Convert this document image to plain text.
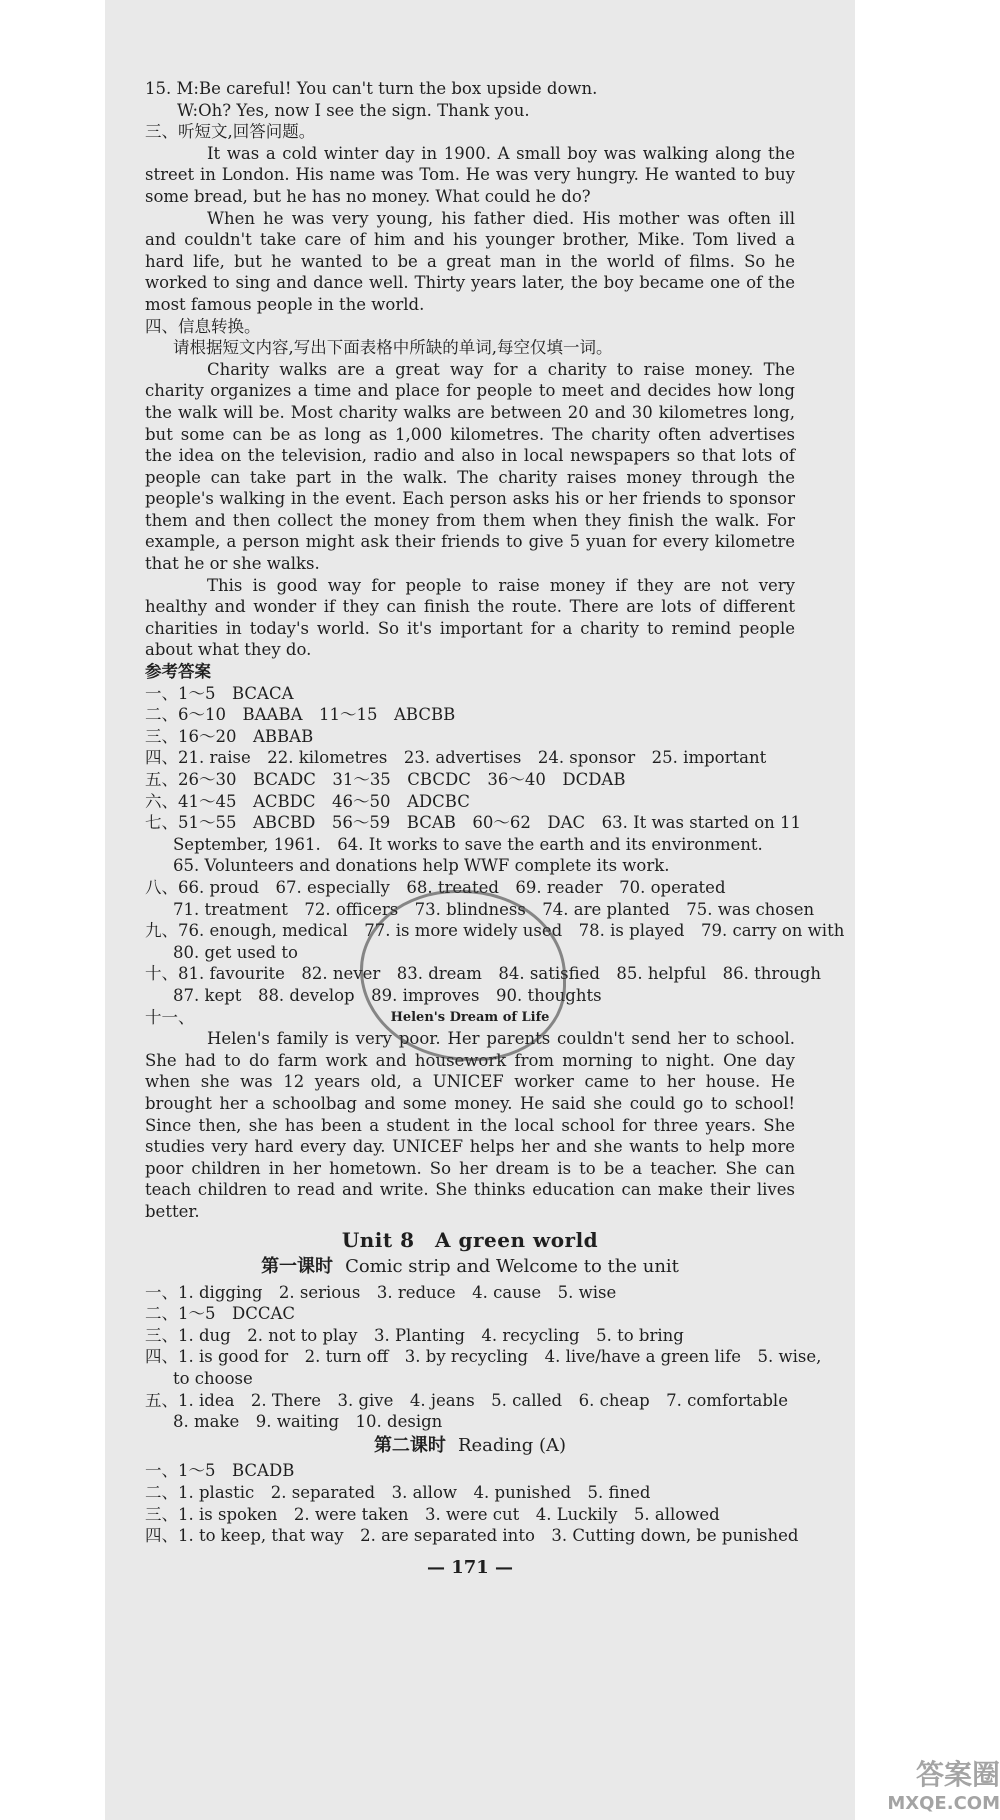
15. M:Be careful! You can't turn the box upside down.
W:Oh? Yes, now I see the sign. Thank you.
三、听短文,回答问题。
It was a cold winter day in 1900. A small boy was walking along the street in London. His name was Tom. He was very hungry. He wanted to buy some bread, but he has no money. What could he do?
When he was very young, his father died. His mother was often ill and couldn't take care of him and his younger brother, Mike. Tom lived a hard life, but he wanted to be a great man in the world of films. So he worked to sing and dance well. Thirty years later, the boy became one of the most famous people in the world.
四、信息转换。
请根据短文内容,写出下面表格中所缺的单词,每空仅填一词。
Charity walks are a great way for a charity to raise money. The charity organizes a time and place for people to meet and decides how long the walk will be. Most charity walks are between 20 and 30 kilometres long, but some can be as long as 1,000 kilometres. The charity often advertises the idea on the television, radio and also in local newspapers so that lots of people can take part in the walk. The charity raises money through the people's walking in the event. Each person asks his or her friends to sponsor them and then collect the money from them when they finish the walk. For example, a person might ask their friends to give 5 yuan for every kilometre that he or she walks.
This is good way for people to raise money if they are not very healthy and wonder if they can finish the route. There are lots of different charities in today's world. So it's important for a charity to remind people about what they do.
参考答案
一、1～5　BCACA
二、6～10　BAABA　11～15　ABCBB
三、16～20　ABBAB
四、21. raise　22. kilometres　23. advertises　24. sponsor　25. important
五、26～30　BCADC　31～35　CBCDC　36～40　DCDAB
六、41～45　ACBDC　46～50　ADCBC
七、51～55　ABCBD　56～59　BCAB　60～62　DAC　63. It was started on 11
September, 1961.　64. It works to save the earth and its environment.
65. Volunteers and donations help WWF complete its work.
八、66. proud　67. especially　68. treated　69. reader　70. operated
71. treatment　72. officers　73. blindness　74. are planted　75. was chosen
九、76. enough, medical　77. is more widely used　78. is played　79. carry on with
80. get used to
十、81. favourite　82. never　83. dream　84. satisfied　85. helpful　86. through
87. kept　88. develop　89. improves　90. thoughts
十一、	Helen's Dream of Life
Helen's family is very poor. Her parents couldn't send her to school. She had to do farm work and housework from morning to night. One day when she was 12 years old, a UNICEF worker came to her house. He brought her a schoolbag and some money. He said she could go to school! Since then, she has been a student in the local school for three years. She studies very hard every day. UNICEF helps her and she wants to help more poor children in her hometown. So her dream is to be a teacher. She can teach children to read and write. She thinks education can make their lives better.
Unit 8　A green world
第一课时 Comic strip and Welcome to the unit
一、1. digging　2. serious　3. reduce　4. cause　5. wise
二、1～5　DCCAC
三、1. dug　2. not to play　3. Planting　4. recycling　5. to bring
四、1. is good for　2. turn off　3. by recycling　4. live/have a green life　5. wise,
to choose
五、1. idea　2. There　3. give　4. jeans　5. called　6. cheap　7. comfortable
8. make　9. waiting　10. design
第二课时 Reading (A)
一、1～5　BCADB
二、1. plastic　2. separated　3. allow　4. punished　5. fined
三、1. is spoken　2. were taken　3. were cut　4. Luckily　5. allowed
四、1. to keep, that way　2. are separated into　3. Cutting down, be punished
— 171 —
答案圈
MXQE.COM
